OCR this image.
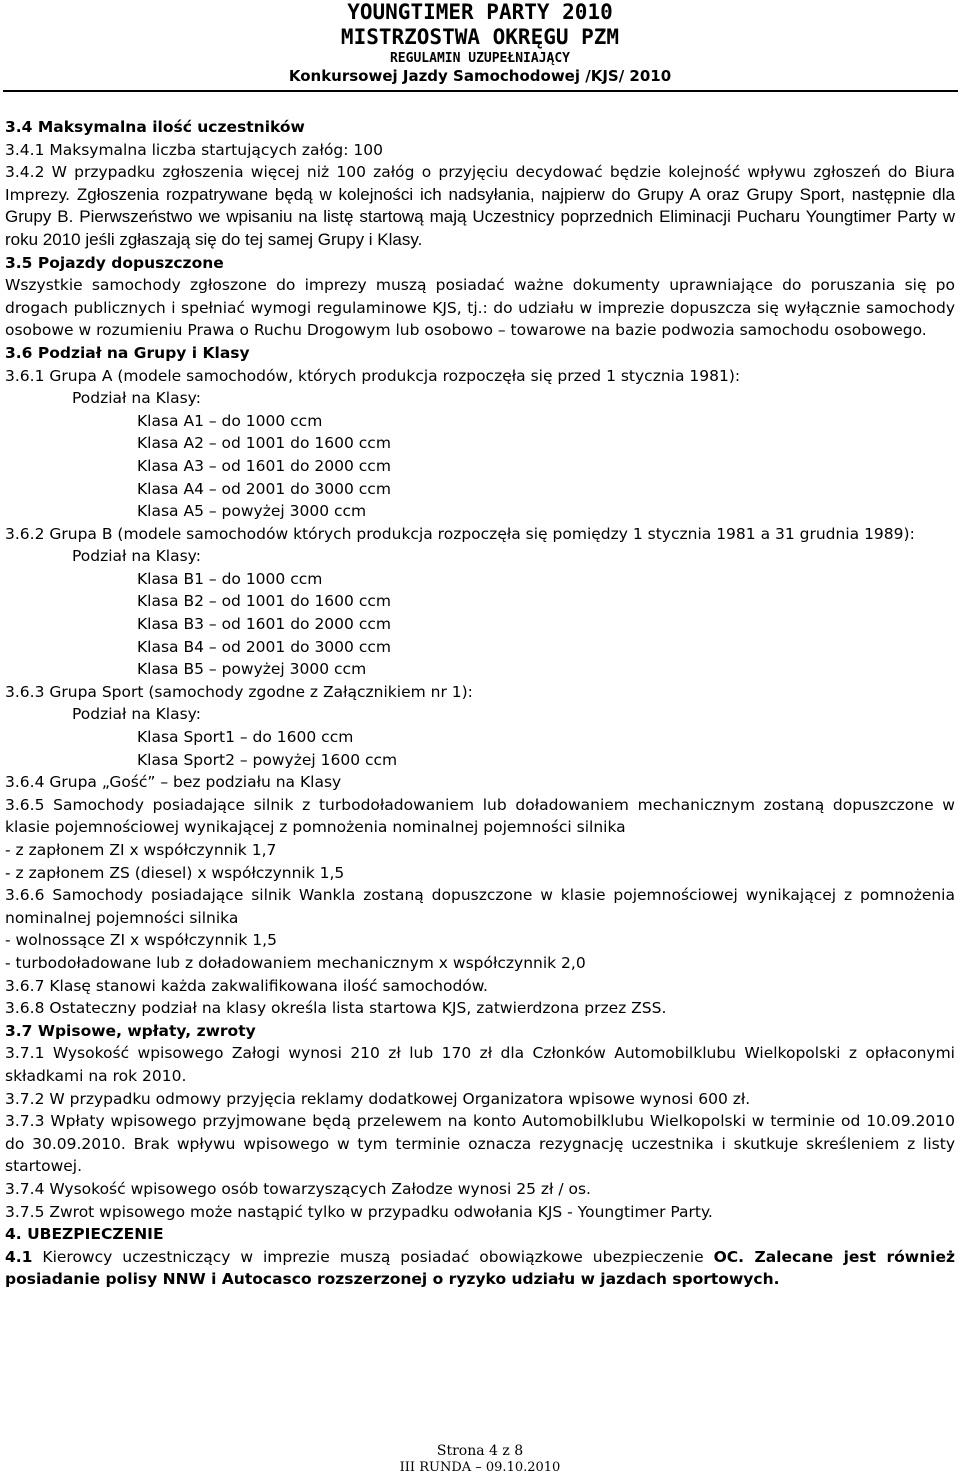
YOUNGTIMER PARTY 2010
MISTRZOSTWA OKRĘGU PZM
REGULAMIN UZUPEŁNIAJĄCY
Konkursowej Jazdy Samochodowej /KJS/ 2010

3.4 Maksymalna ilość uczestników

3.4.1 Maksymalna liczba startujących załóg: 100

3.4.2 W przypadku zgłoszenia więcej niż 100 załóg o przyjęciu decydować będzie kolejność wpływu zgłoszeń do Biura Imprezy. Zgłoszenia rozpatrywane będą w kolejności ich nadsyłania, najpierw do Grupy A oraz Grupy Sport, następnie dla Grupy B. Pierwszeństwo we wpisaniu na listę startową mają Uczestnicy poprzednich Eliminacji Pucharu Youngtimer Party w roku 2010 jeśli zgłaszają się do tej samej Grupy i Klasy.

3.5 Pojazdy dopuszczone

Wszystkie samochody zgłoszone do imprezy muszą posiadać ważne dokumenty uprawniające do poruszania się po drogach publicznych i spełniać wymogi regulaminowe KJS, tj.: do udziału w imprezie dopuszcza się wyłącznie samochody osobowe w rozumieniu Prawa o Ruchu Drogowym lub osobowo – towarowe na bazie podwozia samochodu osobowego.

3.6 Podział na Grupy i Klasy

3.6.1 Grupa A (modele samochodów, których produkcja rozpoczęła się przed 1 stycznia 1981):

Podział na Klasy:

Klasa A1 – do 1000 ccm

Klasa A2 – od 1001 do 1600 ccm

Klasa A3 – od 1601 do 2000 ccm

Klasa A4 – od 2001 do 3000 ccm

Klasa A5 – powyżej 3000 ccm

3.6.2 Grupa B (modele samochodów których produkcja rozpoczęła się pomiędzy 1 stycznia 1981 a 31 grudnia 1989):

Podział na Klasy:

Klasa B1 – do 1000 ccm

Klasa B2 – od 1001 do 1600 ccm

Klasa B3 – od 1601 do 2000 ccm

Klasa B4 – od 2001 do 3000 ccm

Klasa B5 – powyżej 3000 ccm

3.6.3 Grupa Sport (samochody zgodne z Załącznikiem nr 1):

Podział na Klasy:

Klasa Sport1 – do 1600 ccm

Klasa Sport2 – powyżej 1600 ccm

3.6.4 Grupa „Gość” – bez podziału na Klasy

3.6.5 Samochody posiadające silnik z turbodoładowaniem lub doładowaniem mechanicznym zostaną dopuszczone w klasie pojemnościowej wynikającej z pomnożenia nominalnej pojemności silnika

- z zapłonem ZI x współczynnik 1,7

- z zapłonem ZS (diesel) x współczynnik 1,5

3.6.6 Samochody posiadające silnik Wankla zostaną dopuszczone w klasie pojemnościowej wynikającej z pomnożenia nominalnej pojemności silnika

- wolnossące ZI x współczynnik 1,5

- turbodoładowane lub z doładowaniem mechanicznym x współczynnik 2,0

3.6.7 Klasę stanowi każda zakwalifikowana ilość samochodów.

3.6.8 Ostateczny podział na klasy określa lista startowa KJS, zatwierdzona przez ZSS.

3.7 Wpisowe, wpłaty, zwroty

3.7.1 Wysokość wpisowego Załogi wynosi 210 zł lub 170 zł dla Członków Automobilklubu Wielkopolski z opłaconymi składkami na rok 2010.

3.7.2 W przypadku odmowy przyjęcia reklamy dodatkowej Organizatora wpisowe wynosi 600 zł.

3.7.3 Wpłaty wpisowego przyjmowane będą przelewem na konto Automobilklubu Wielkopolski w terminie od 10.09.2010 do 30.09.2010. Brak wpływu wpisowego w tym terminie oznacza rezygnację uczestnika i skutkuje skreśleniem z listy startowej.

3.7.4 Wysokość wpisowego osób towarzyszących Załodze wynosi 25 zł / os.

3.7.5 Zwrot wpisowego może nastąpić tylko w przypadku odwołania KJS - Youngtimer Party.

4. UBEZPIECZENIE

4.1 Kierowcy uczestniczący w imprezie muszą posiadać obowiązkowe ubezpieczenie OC. Zalecane jest również posiadanie polisy NNW i Autocasco rozszerzonej o ryzyko udziału w jazdach sportowych.

Strona 4 z 8
III RUNDA – 09.10.2010
